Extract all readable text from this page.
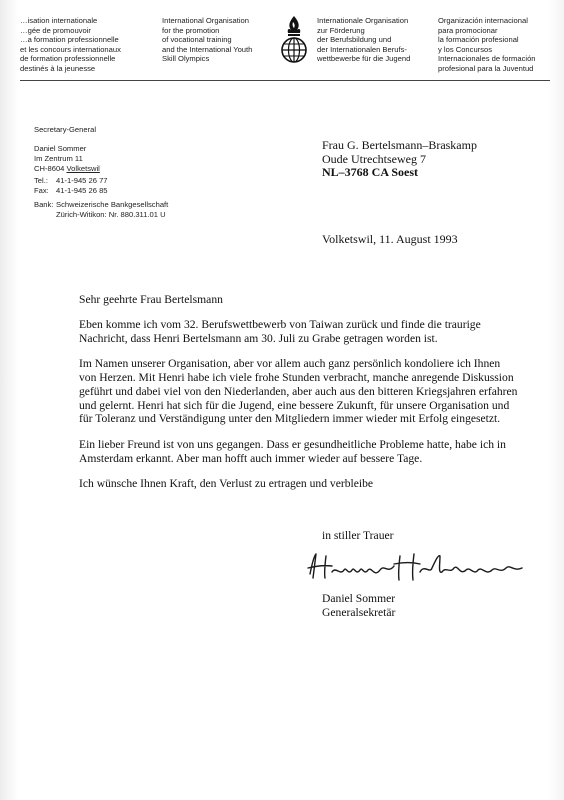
…isation internationale
…gée de promouvoir
…a formation professionnelle
et les concours internationaux
de formation professionnelle
destinés à la jeunesse
International Organisation
for the promotion
of vocational training
and the International Youth
Skill Olympics
Internationale Organisation
zur Förderung
der Berufsbildung und
der Internationalen Berufs-
wettbewerbe für die Jugend
Organización internacional
para promocionar
la formación profesional
y los Concursos
Internacionales de formación
profesional para la Juventud
Secretary-General
Daniel Sommer
Im Zentrum 11
CH-8604 Volketswil
Tel.:	41-1-945 26 77
Fax: 41-1-945 26 85
Bank: Schweizerische Bankgesellschaft
Zürich-Witikon: Nr. 880.311.01 U
Frau G. Bertelsmann–Braskamp
Oude Utrechtseweg 7
NL–3768 CA Soest
Volketswil, 11. August 1993
Sehr geehrte Frau Bertelsmann

Eben komme ich vom 32. Berufswettbewerb von Taiwan zurück und finde die traurige Nachricht, dass Henri Bertelsmann am 30. Juli zu Grabe getragen worden ist.

Im Namen unserer Organisation, aber vor allem auch ganz persönlich kondoliere ich Ihnen von Herzen. Mit Henri habe ich viele frohe Stunden verbracht, manche anregende Diskussion geführt und dabei viel von den Niederlanden, aber auch aus den bitteren Kriegsjahren erfahren und gelernt. Henri hat sich für die Jugend, eine bessere Zukunft, für unsere Organisation und für Toleranz und Verständigung unter den Mitgliedern immer wieder mit Erfolg eingesetzt.

Ein lieber Freund ist von uns gegangen. Dass er gesundheitliche Probleme hatte, habe ich in Amsterdam erkannt. Aber man hofft auch immer wieder auf bessere Tage.

Ich wünsche Ihnen Kraft, den Verlust zu ertragen und verbleibe

in stiller Trauer
Daniel Sommer
Generalsekretär
